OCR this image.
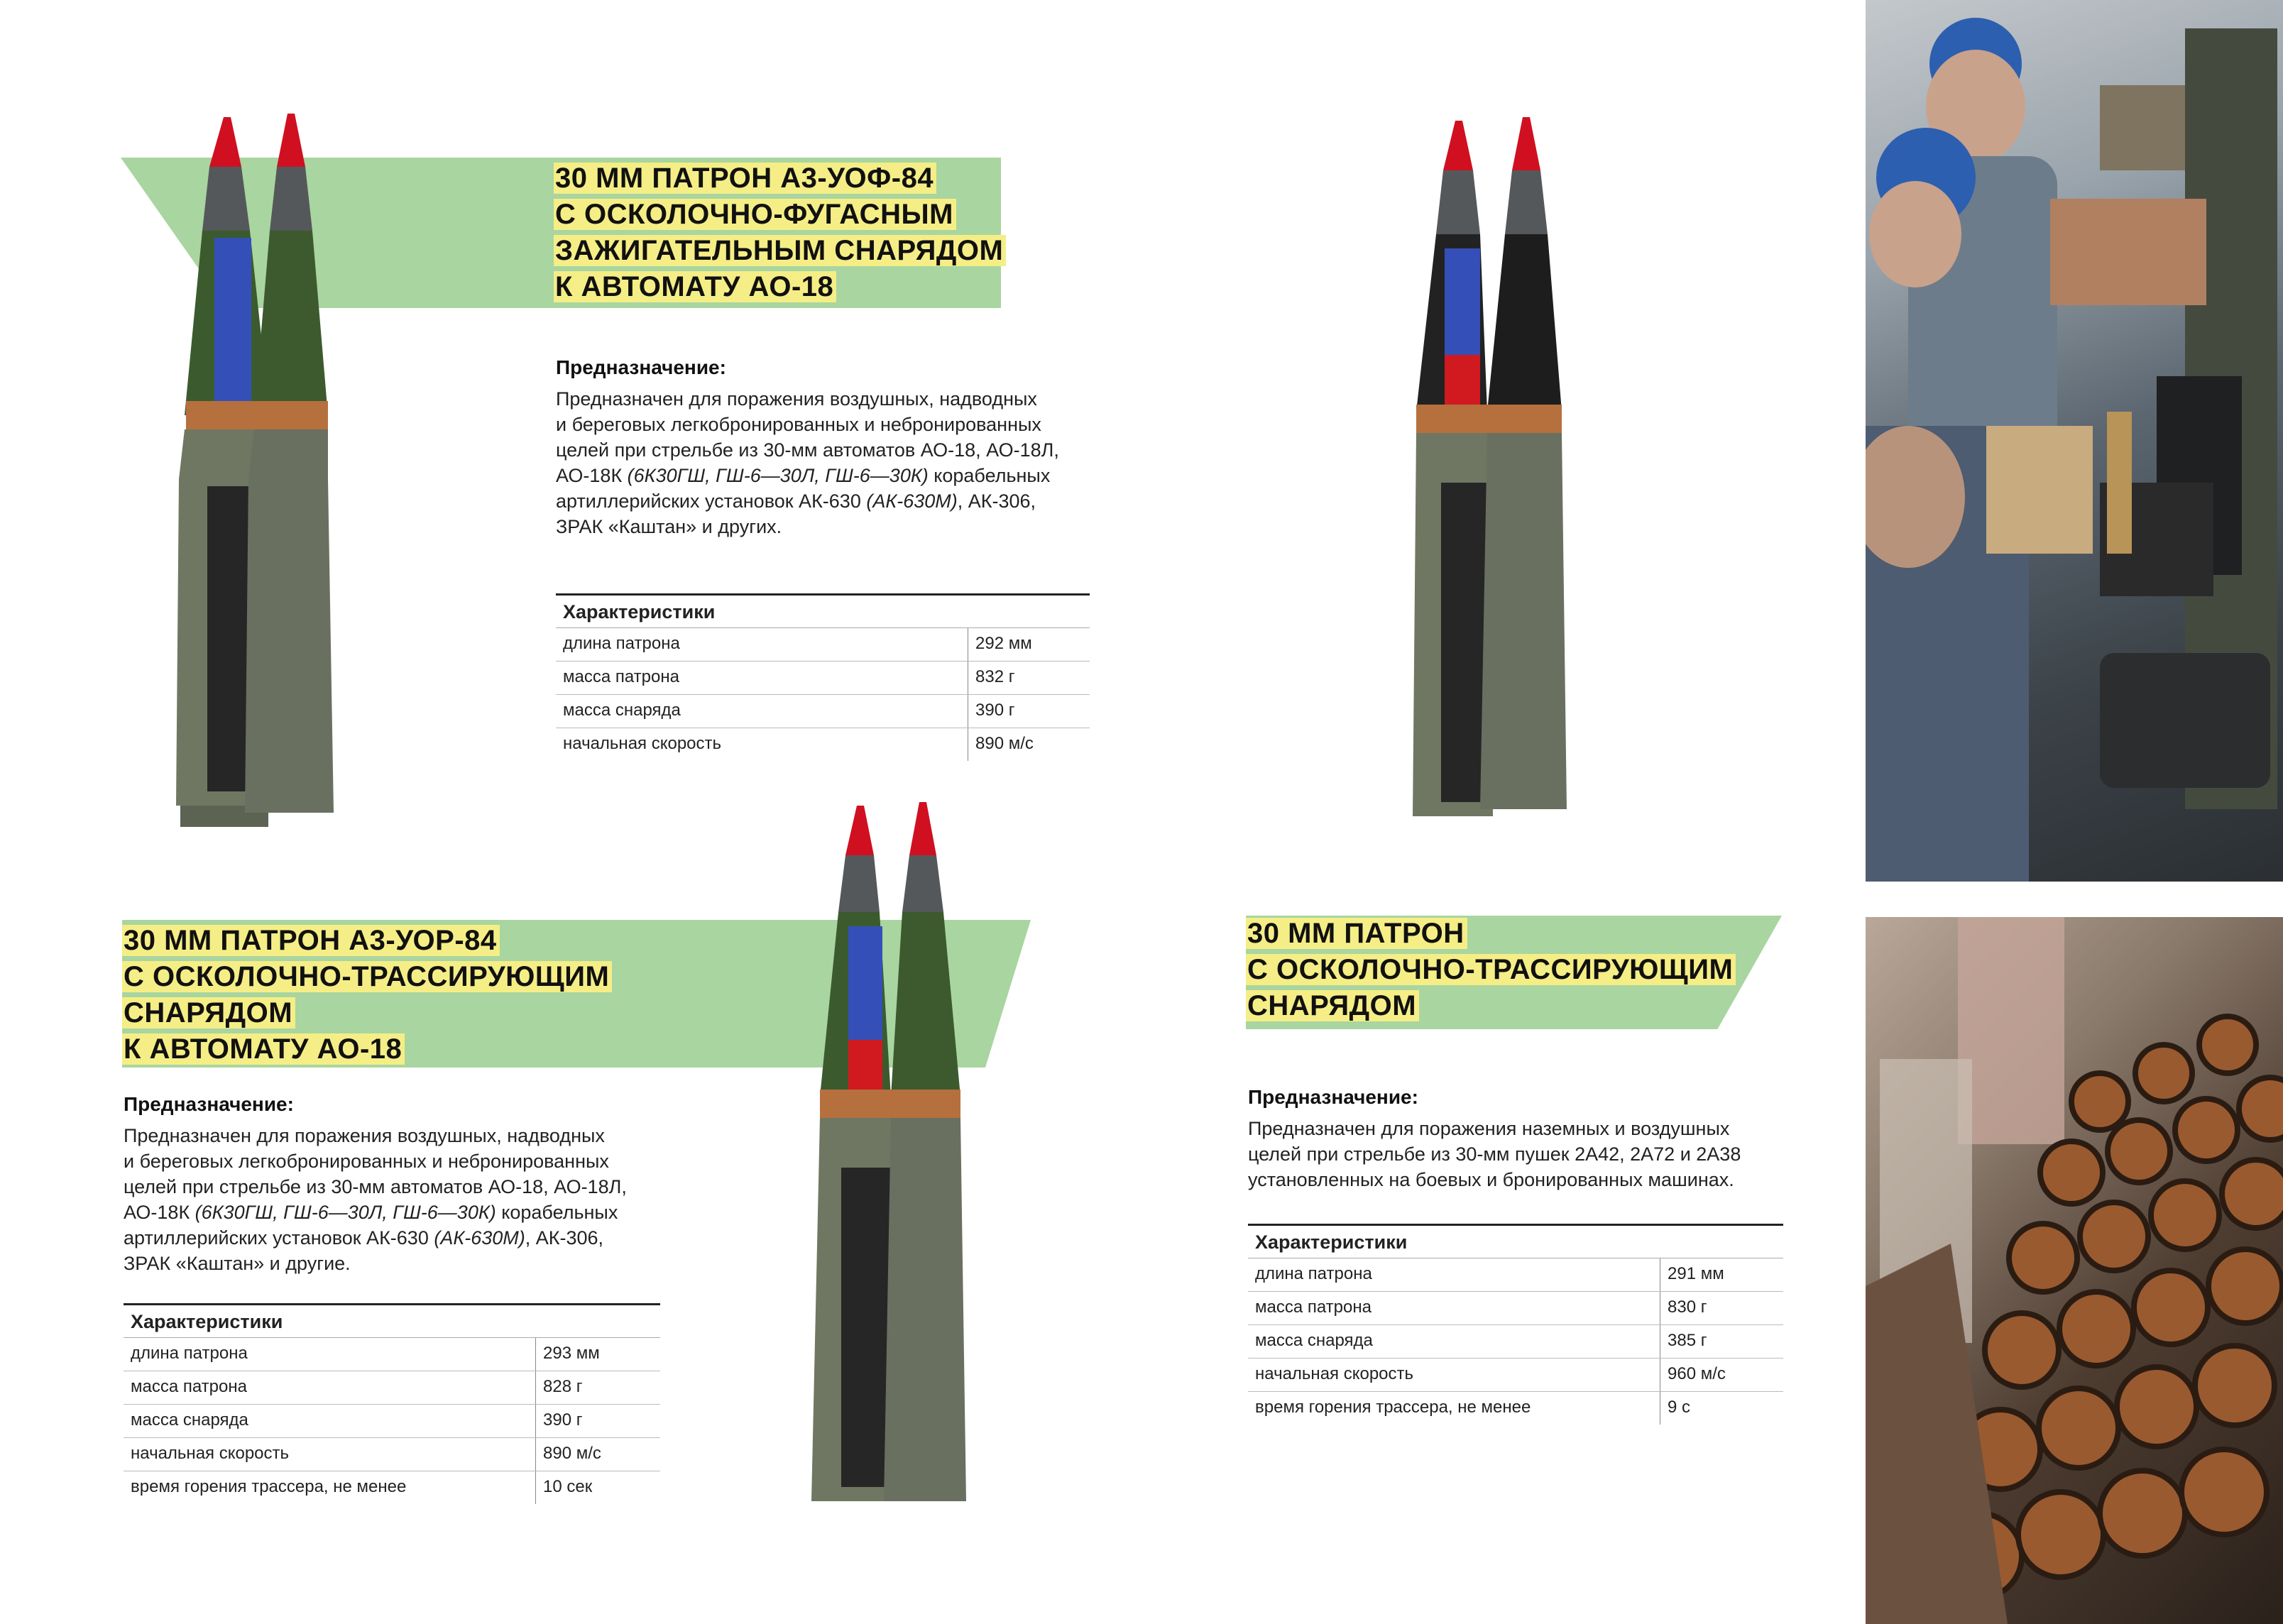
30 ММ ПАТРОН А3-УОФ-84
С ОСКОЛОЧНО-ФУГАСНЫМ
ЗАЖИГАТЕЛЬНЫМ СНАРЯДОМ
К АВТОМАТУ АО-18
Предназначение:
Предназначен для поражения воздушных, надводных
и береговых легкобронированных и небронированных
целей при стрельбе из 30-мм автоматов АО-18, АО-18Л,
АО-18К (6К30ГШ, ГШ-6—30Л, ГШ-6—30К) корабельных
артиллерийских установок АК-630 (АК-630М), АК-306,
ЗРАК «Каштан» и других.
Характеристики	
длина патрона	292 мм
масса патрона	832 г
масса снаряда	390 г
начальная скорость	890 м/с
30 ММ ПАТРОН А3-УОР-84
С ОСКОЛОЧНО-ТРАССИРУЮЩИМ
СНАРЯДОМ
К АВТОМАТУ АО-18
Предназначение:
Предназначен для поражения воздушных, надводных
и береговых легкобронированных и небронированных
целей при стрельбе из 30-мм автоматов АО-18, АО-18Л,
АО-18К (6К30ГШ, ГШ-6—30Л, ГШ-6—30К) корабельных
артиллерийских установок АК-630 (АК-630М), АК-306,
ЗРАК «Каштан» и другие.
Характеристики	
длина патрона	293 мм
масса патрона	828 г
масса снаряда	390 г
начальная скорость	890 м/с
время горения трассера, не менее	10 сек
30 ММ ПАТРОН
С ОСКОЛОЧНО-ТРАССИРУЮЩИМ
СНАРЯДОМ
Предназначение:
Предназначен для поражения наземных и воздушных
целей при стрельбе из 30-мм пушек 2А42, 2А72 и 2А38
установленных на боевых и бронированных машинах.
Характеристики	
длина патрона	291 мм
масса патрона	830 г
масса снаряда	385 г
начальная скорость	960 м/с
время горения трассера, не менее	9 с
